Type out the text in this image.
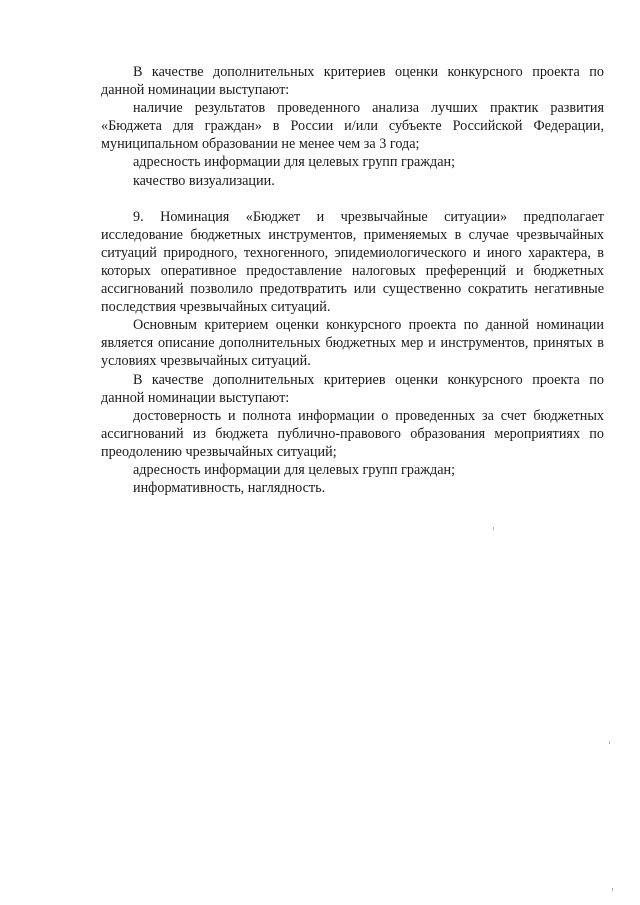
В качестве дополнительных критериев оценки конкурсного проекта по данной номинации выступают:

наличие результатов проведенного анализа лучших практик развития «Бюджета для граждан» в России и/или субъекте Российской Федерации, муниципальном образовании не менее чем за 3 года;

адресность информации для целевых групп граждан;

качество визуализации.

9. Номинация «Бюджет и чрезвычайные ситуации» предполагает исследование бюджетных инструментов, применяемых в случае чрезвычайных ситуаций природного, техногенного, эпидемиологического и иного характера, в которых оперативное предоставление налоговых преференций и бюджетных ассигнований позволило предотвратить или существенно сократить негативные последствия чрезвычайных ситуаций.

Основным критерием оценки конкурсного проекта по данной номинации является описание дополнительных бюджетных мер и инструментов, принятых в условиях чрезвычайных ситуаций.

В качестве дополнительных критериев оценки конкурсного проекта по данной номинации выступают:

достоверность и полнота информации о проведенных за счет бюджетных ассигнований из бюджета публично-правового образования мероприятиях по преодолению чрезвычайных ситуаций;

адресность информации для целевых групп граждан;

информативность, наглядность.
